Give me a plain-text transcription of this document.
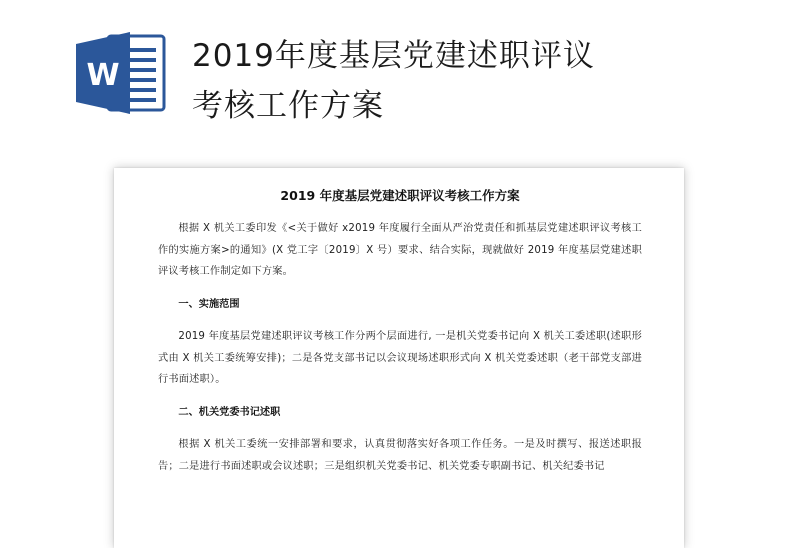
W
2019年度基层党建述职评议
考核工作方案
2019 年度基层党建述职评议考核工作方案

根据 X 机关工委印发《<关于做好 x2019 年度履行全面从严治党责任和抓基层党建述职评议考核工作的实施方案>的通知》(X 党工字〔2019〕X 号）要求、结合实际，现就做好 2019 年度基层党建述职评议考核工作制定如下方案。

一、实施范围

2019 年度基层党建述职评议考核工作分两个层面进行, 一是机关党委书记向 X 机关工委述职(述职形式由 X 机关工委统筹安排)；二是各党支部书记以会议现场述职形式向 X 机关党委述职（老干部党支部进行书面述职）。

二、机关党委书记述职

根据 X 机关工委统一安排部署和要求，认真贯彻落实好各项工作任务。一是及时撰写、报送述职报告；二是进行书面述职或会议述职；三是组织机关党委书记、机关党委专职副书记、机关纪委书记
